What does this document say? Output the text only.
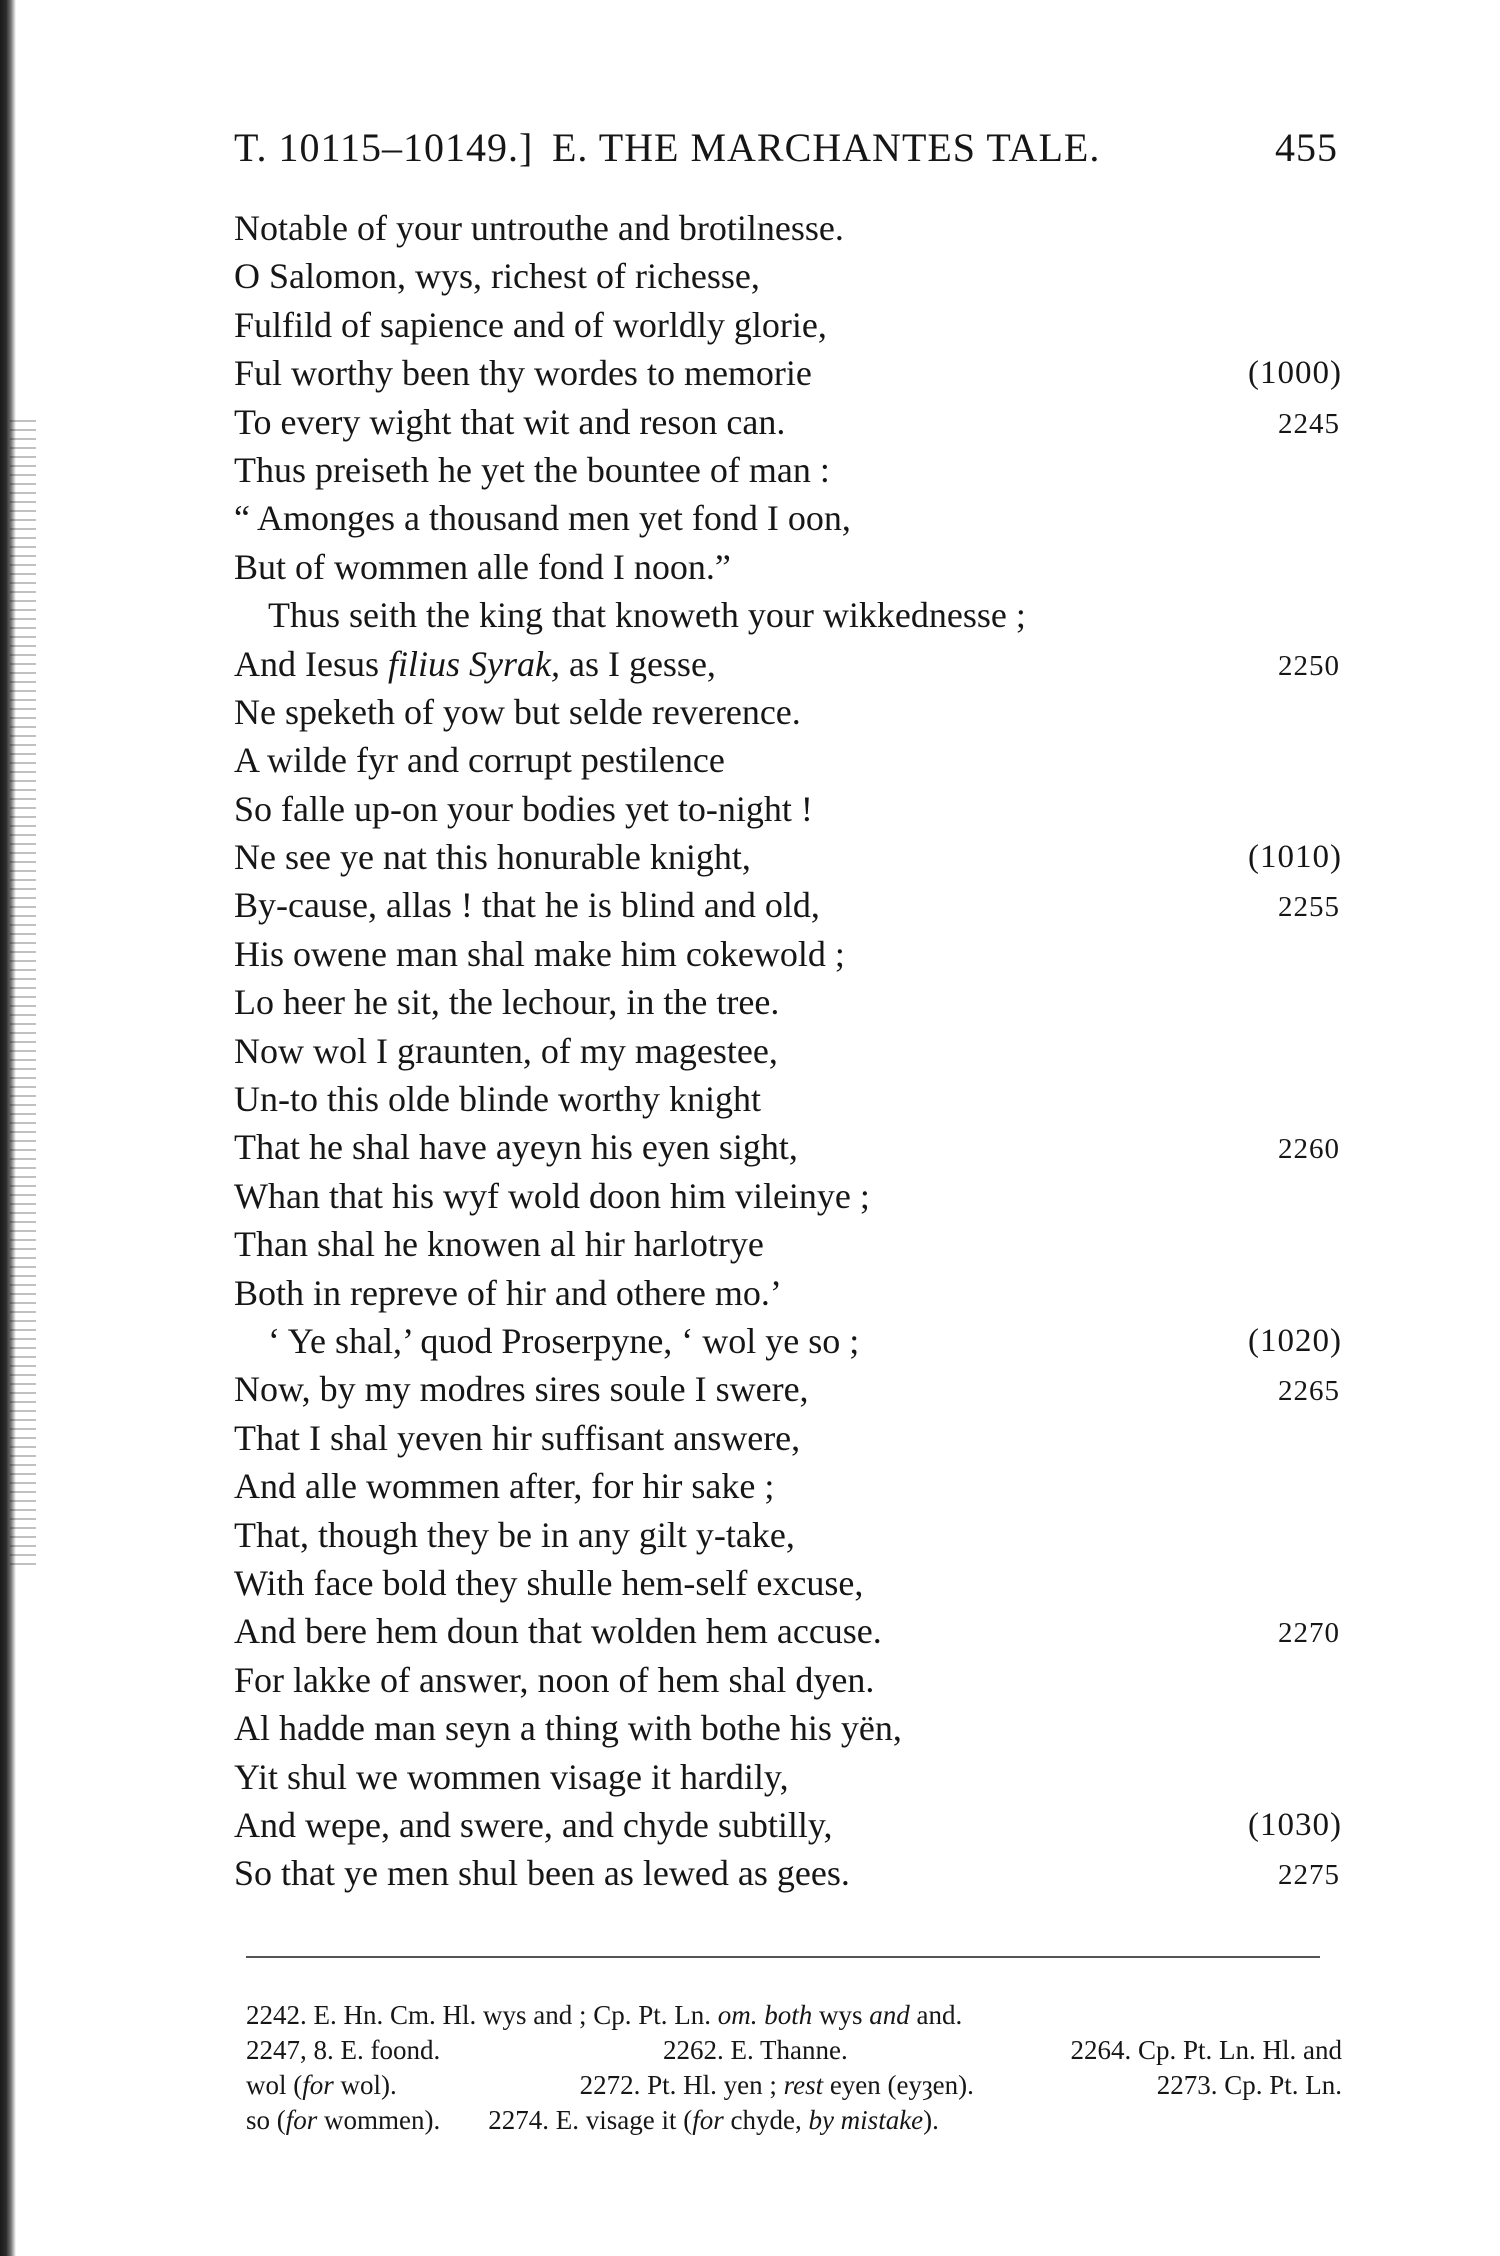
T. 10115–10149.] E. THE MARCHANTES TALE.	455
Notable of your untrouthe and brotilnesse.
O Salomon, wys, richest of richesse,
Fulfild of sapience and of worldly glorie,
Ful worthy been thy wordes to memorie	(1000)
To every wight that wit and reson can.	2245
Thus preiseth he yet the bountee of man :
“ Amonges a thousand men yet fond I oon,
But of wommen alle fond I noon.”
Thus seith the king that knoweth your wikkednesse ;
And Iesus filius Syrak, as I gesse,	2250
Ne speketh of yow but selde reverence.
A wilde fyr and corrupt pestilence
So falle up-on your bodies yet to-night !
Ne see ye nat this honurable knight,	(1010)
By-cause, allas ! that he is blind and old,	2255
His owene man shal make him cokewold ;
Lo heer he sit, the lechour, in the tree.
Now wol I graunten, of my magestee,
Un-to this olde blinde worthy knight
That he shal have ayeyn his eyen sight,	2260
Whan that his wyf wold doon him vileinye ;
Than shal he knowen al hir harlotrye
Both in repreve of hir and othere mo.’
‘ Ye shal,’ quod Proserpyne, ‘ wol ye so ;	(1020)
Now, by my modres sires soule I swere,	2265
That I shal yeven hir suffisant answere,
And alle wommen after, for hir sake ;
That, though they be in any gilt y-take,
With face bold they shulle hem-self excuse,
And bere hem doun that wolden hem accuse.	2270
For lakke of answer, noon of hem shal dyen.
Al hadde man seyn a thing with bothe his yën,
Yit shul we wommen visage it hardily,
And wepe, and swere, and chyde subtilly,	(1030)
So that ye men shul been as lewed as gees.	2275
2242. E. Hn. Cm. Hl. wys and ; Cp. Pt. Ln. om. both wys and and.
2247, 8. E. foond.	2262. E. Thanne.	2264. Cp. Pt. Ln. Hl. and
wol (for wol).	2272. Pt. Hl. yen ; rest eyen (eyȝen).	2273. Cp. Pt. Ln.
so (for wommen). 2274. E. visage it (for chyde, by mistake).
